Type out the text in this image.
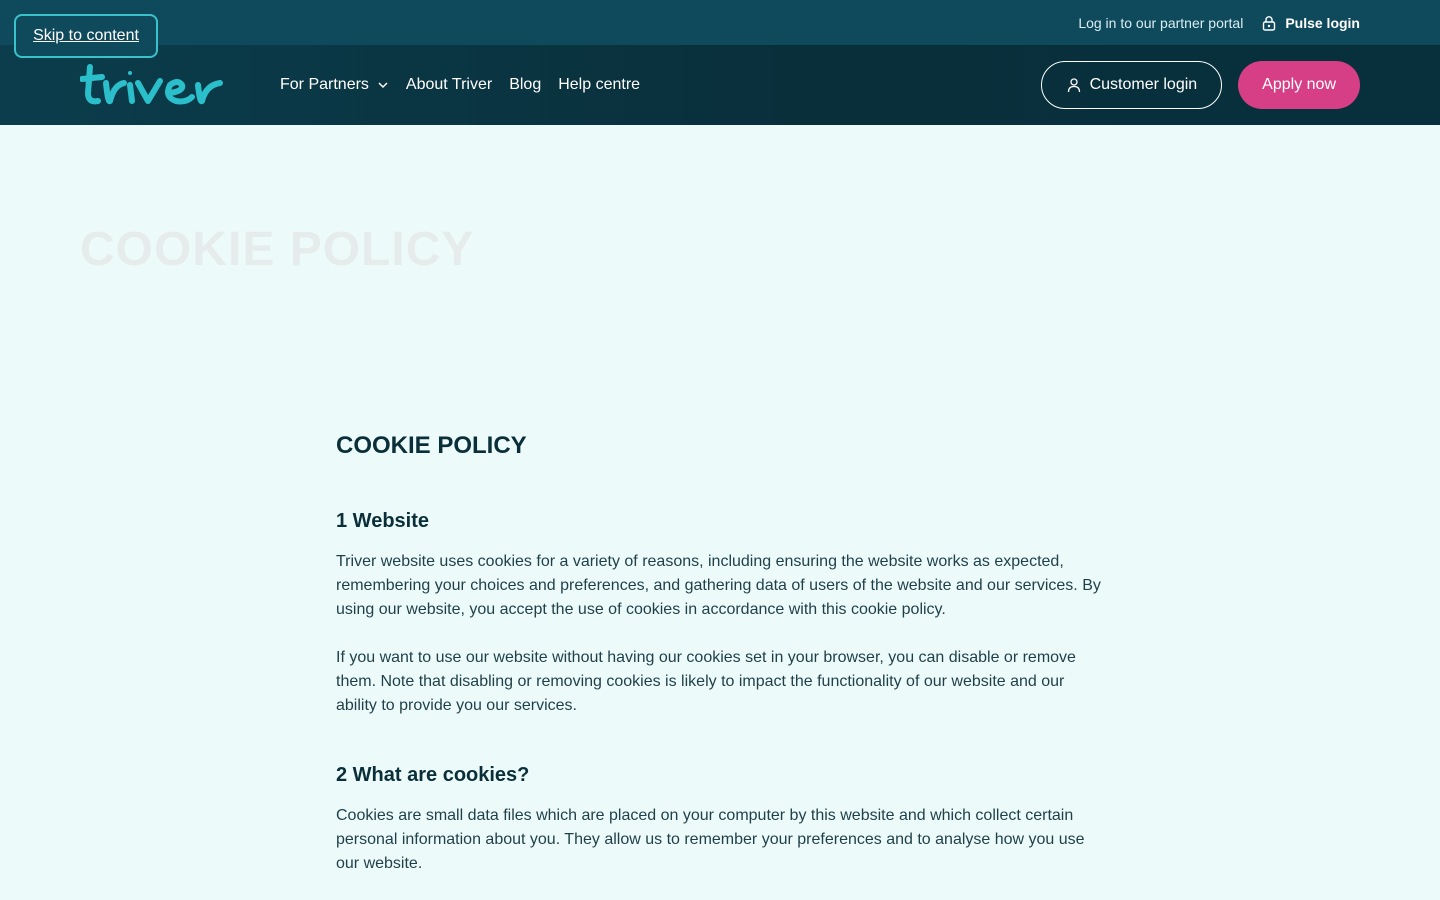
Skip to content
Log in to our partner portal	Pulse login
For Partners About Triver Blog Help centre	Customer login	Apply now
COOKIE POLICY
COOKIE POLICY
1 Website

Triver website uses cookies for a variety of reasons, including ensuring the website works as expected, remembering your choices and preferences, and gathering data of users of the website and our services. By using our website, you accept the use of cookies in accordance with this cookie policy.

If you want to use our website without having our cookies set in your browser, you can disable or remove them. Note that disabling or removing cookies is likely to impact the functionality of our website and our ability to provide you our services.

2 What are cookies?

Cookies are small data files which are placed on your computer by this website and which collect certain personal information about you. They allow us to remember your preferences and to analyse how you use our website.
